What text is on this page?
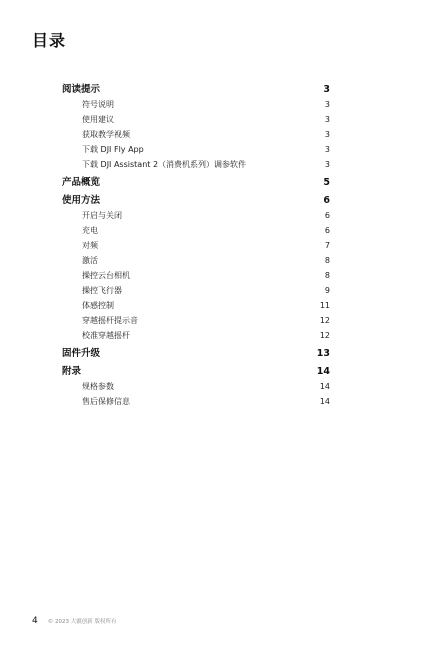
目录
阅读提示	3
符号说明	3
使用建议	3
获取教学视频	3
下载 DJI Fly App	3
下载 DJI Assistant 2（消费机系列）调参软件	3
产品概览	5
使用方法	6
开启与关闭	6
充电	6
对频	7
激活	8
操控云台相机	8
操控飞行器	9
体感控制	11
穿越摇杆提示音	12
校准穿越摇杆	12
固件升级	13
附录	14
规格参数	14
售后保修信息	14
4 © 2023 大疆创新 版权所有
